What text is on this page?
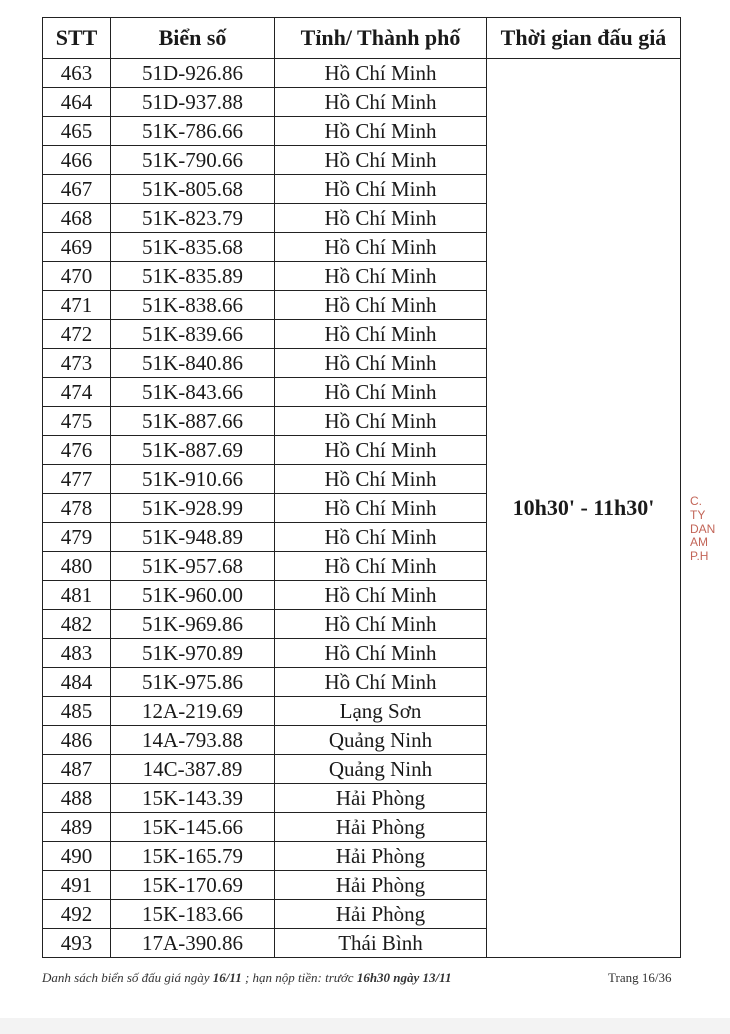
STT	Biển số	Tỉnh/ Thành phố	Thời gian đấu giá
463	51D-926.86	Hồ Chí Minh	10h30' - 11h30'
464	51D-937.88	Hồ Chí Minh	
465	51K-786.66	Hồ Chí Minh	
466	51K-790.66	Hồ Chí Minh	
467	51K-805.68	Hồ Chí Minh	
468	51K-823.79	Hồ Chí Minh	
469	51K-835.68	Hồ Chí Minh	
470	51K-835.89	Hồ Chí Minh	
471	51K-838.66	Hồ Chí Minh	
472	51K-839.66	Hồ Chí Minh	
473	51K-840.86	Hồ Chí Minh	
474	51K-843.66	Hồ Chí Minh	
475	51K-887.66	Hồ Chí Minh	
476	51K-887.69	Hồ Chí Minh	
477	51K-910.66	Hồ Chí Minh	
478	51K-928.99	Hồ Chí Minh	
479	51K-948.89	Hồ Chí Minh	
480	51K-957.68	Hồ Chí Minh	
481	51K-960.00	Hồ Chí Minh	
482	51K-969.86	Hồ Chí Minh	
483	51K-970.89	Hồ Chí Minh	
484	51K-975.86	Hồ Chí Minh	
485	12A-219.69	Lạng Sơn	
486	14A-793.88	Quảng Ninh	
487	14C-387.89	Quảng Ninh	
488	15K-143.39	Hải Phòng	
489	15K-145.66	Hải Phòng	
490	15K-165.79	Hải Phòng	
491	15K-170.69	Hải Phòng	
492	15K-183.66	Hải Phòng	
493	17A-390.86	Thái Bình	
Danh sách biển số đấu giá ngày 16/11 ; hạn nộp tiền: trước 16h30 ngày 13/11	Trang 16/36
C.
TY
DAN
AM
P.H
